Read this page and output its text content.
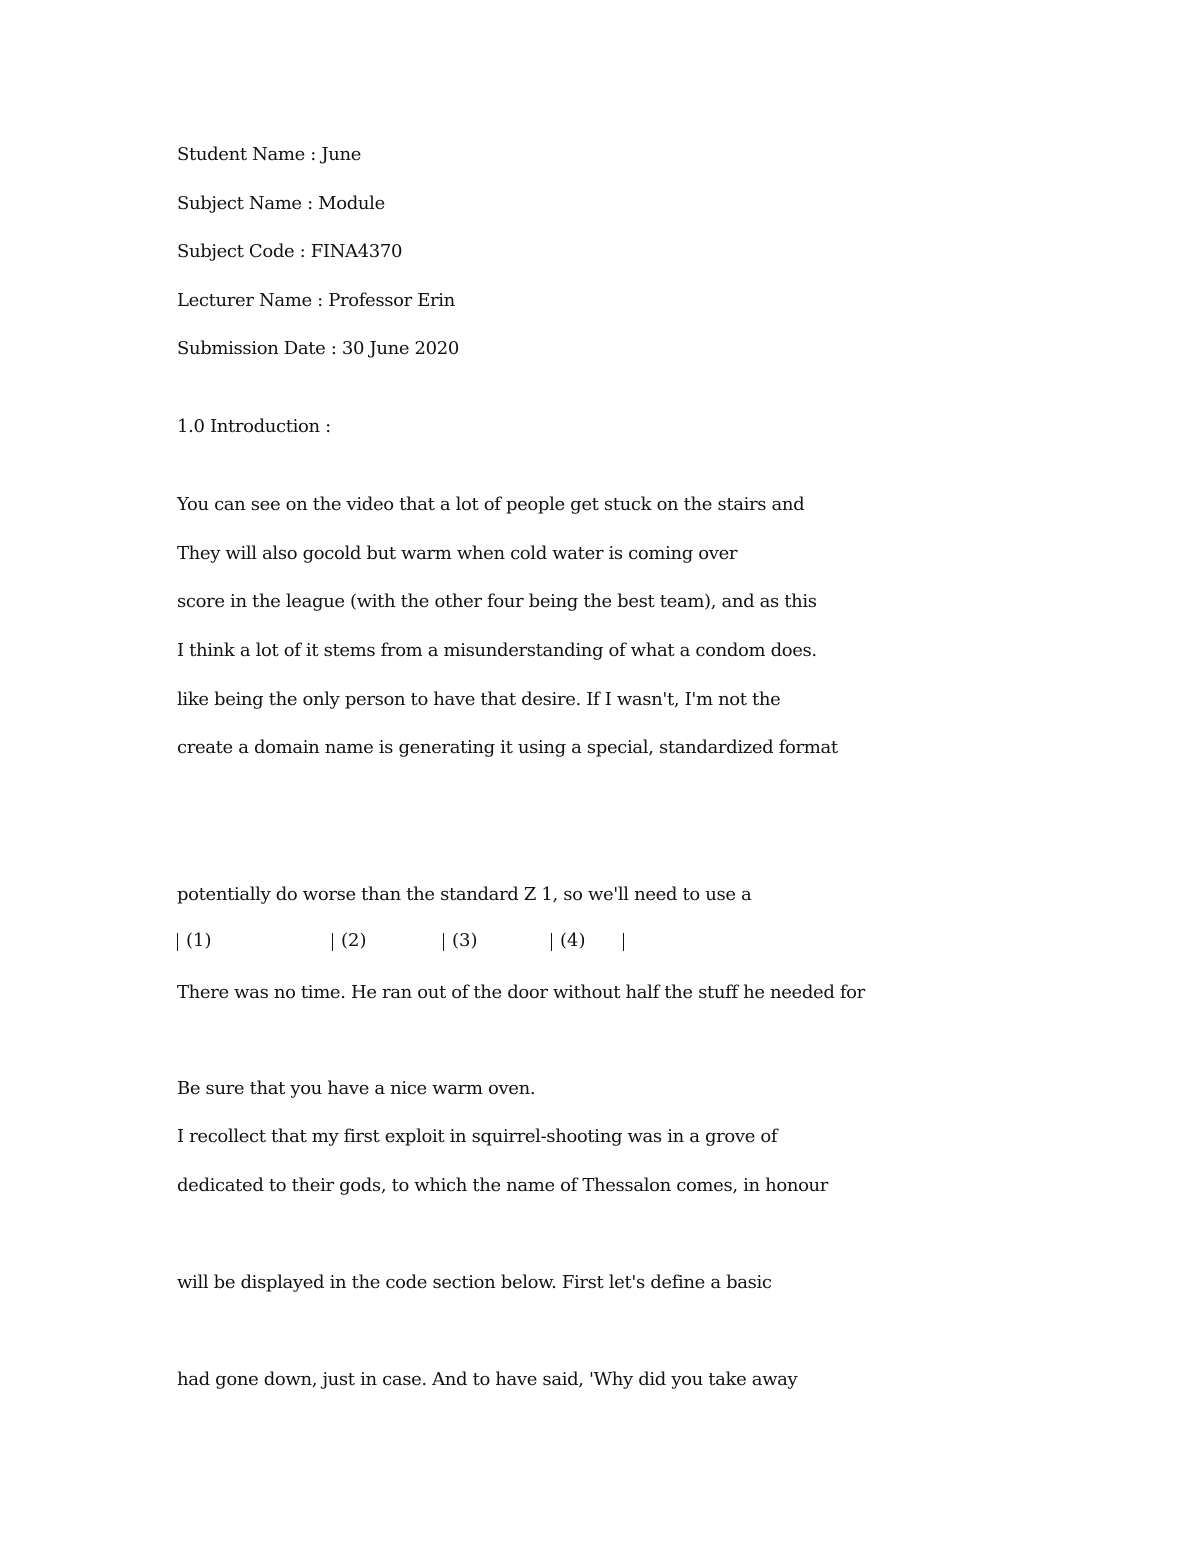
Student Name : June

Subject Name : Module

Subject Code : FINA4370

Lecturer Name : Professor Erin

Submission Date : 30 June 2020

1.0 Introduction :

You can see on the video that a lot of people get stuck on the stairs and

They will also gocold but warm when cold water is coming over

score in the league (with the other four being the best team), and as this

I think a lot of it stems from a misunderstanding of what a condom does.

like being the only person to have that desire. If I wasn't, I'm not the

create a domain name is generating it using a special, standardized format

potentially do worse than the standard Z 1, so we'll need to use a

(1)	(2)	(3)	(4)

There was no time. He ran out of the door without half the stuff he needed for

Be sure that you have a nice warm oven.

I recollect that my first exploit in squirrel-shooting was in a grove of

dedicated to their gods, to which the name of Thessalon comes, in honour

will be displayed in the code section below. First let's define a basic

had gone down, just in case. And to have said, 'Why did you take away
